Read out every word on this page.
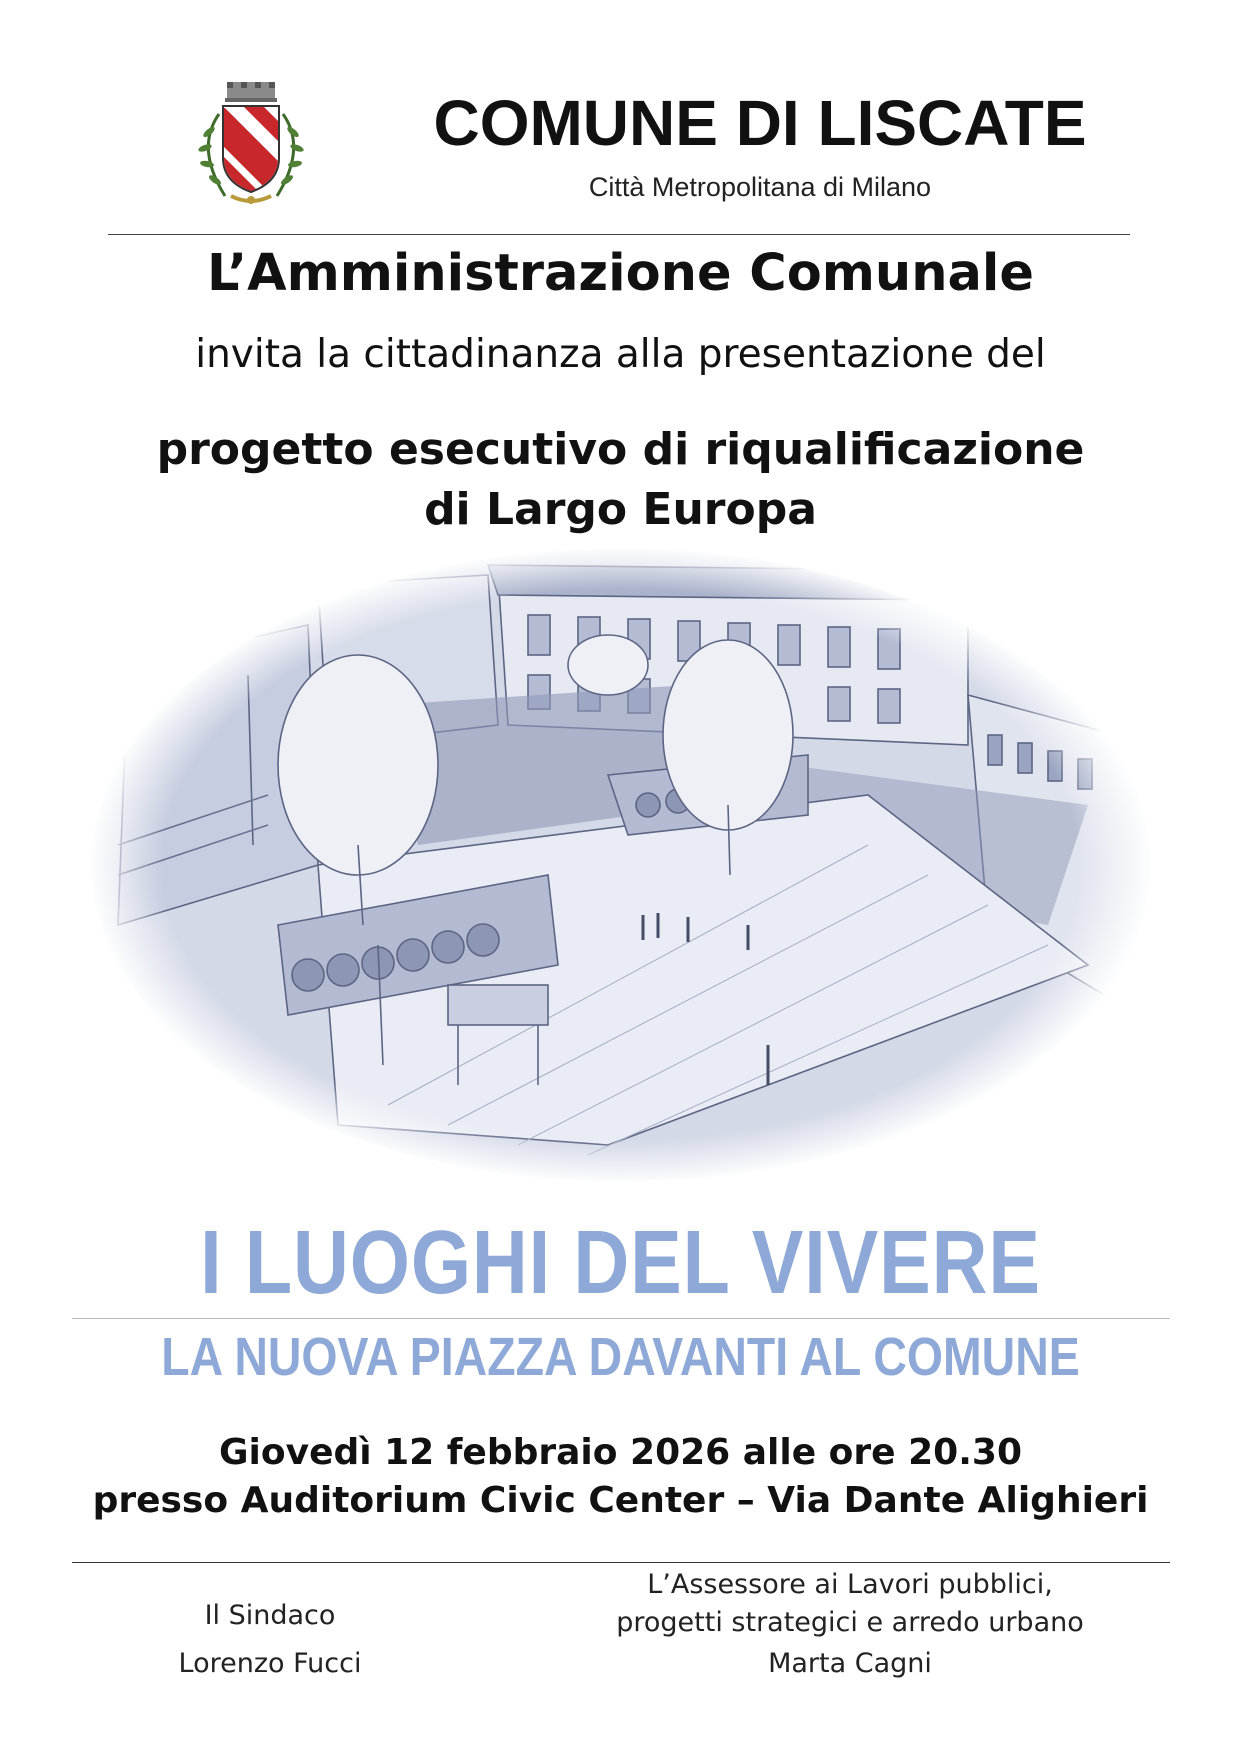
COMUNE DI LISCATE
Città Metropolitana di Milano
L’Amministrazione Comunale
invita la cittadinanza alla presentazione del
progetto esecutivo di riqualificazione
di Largo Europa
I LUOGHI DEL VIVERE
LA NUOVA PIAZZA DAVANTI AL COMUNE
Giovedì 12 febbraio 2026 alle ore 20.30
presso Auditorium Civic Center – Via Dante Alighieri
Il Sindaco
Lorenzo Fucci
L’Assessore ai Lavori pubblici,
progetti strategici e arredo urbano
Marta Cagni
